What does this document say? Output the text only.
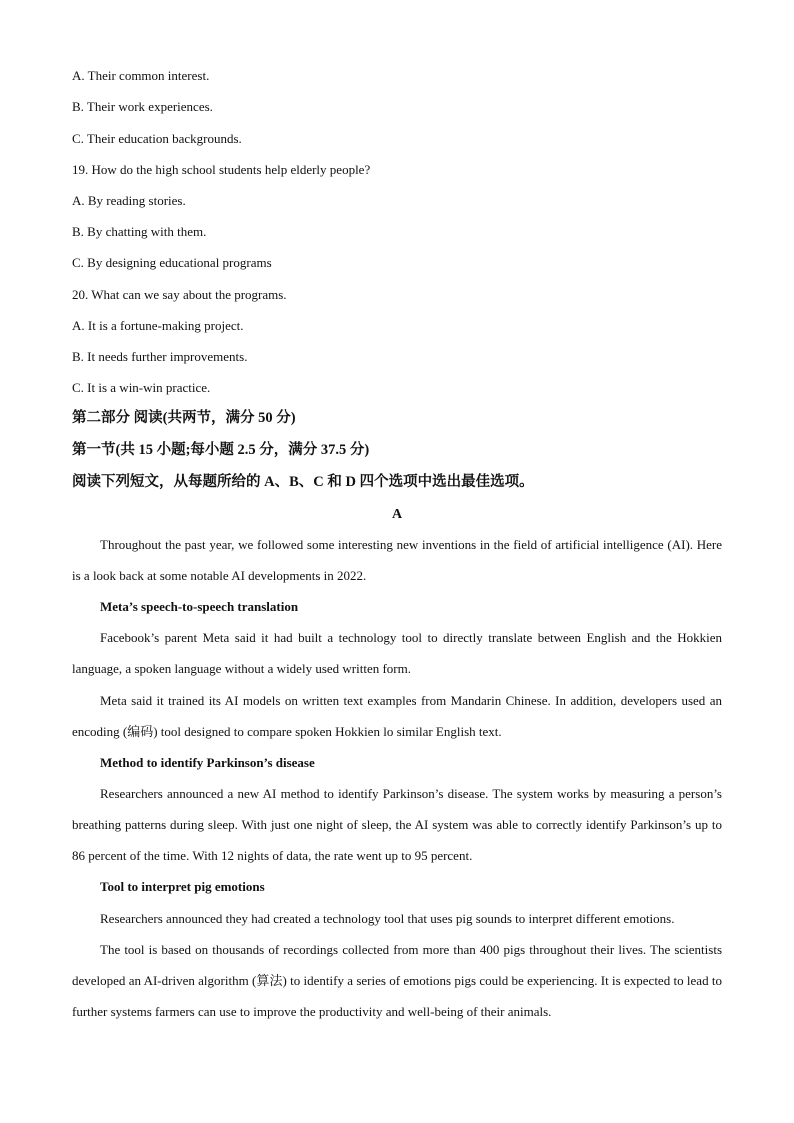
A. Their common interest.
B. Their work experiences.
C. Their education backgrounds.
19. How do the high school students help elderly people?
A. By reading stories.
B. By chatting with them.
C. By designing educational programs
20. What can we say about the programs.
A. It is a fortune-making project.
B. It needs further improvements.
C. It is a win-win practice.
第二部分 阅读(共两节，满分 50 分)
第一节(共 15 小题;每小题 2.5 分，满分 37.5 分)
阅读下列短文，从每题所给的 A、B、C 和 D 四个选项中选出最佳选项。
A
Throughout the past year, we followed some interesting new inventions in the field of artificial intelligence (AI). Here is a look back at some notable AI developments in 2022.
Meta’s speech-to-speech translation
Facebook’s parent Meta said it had built a technology tool to directly translate between English and the Hokkien language, a spoken language without a widely used written form.
Meta said it trained its AI models on written text examples from Mandarin Chinese. In addition, developers used an encoding (编码) tool designed to compare spoken Hokkien lo similar English text.
Method to identify Parkinson’s disease
Researchers announced a new AI method to identify Parkinson’s disease. The system works by measuring a person’s breathing patterns during sleep. With just one night of sleep, the AI system was able to correctly identify Parkinson’s up to 86 percent of the time. With 12 nights of data, the rate went up to 95 percent.
Tool to interpret pig emotions
Researchers announced they had created a technology tool that uses pig sounds to interpret different emotions.
The tool is based on thousands of recordings collected from more than 400 pigs throughout their lives. The scientists developed an AI-driven algorithm (算法) to identify a series of emotions pigs could be experiencing. It is expected to lead to further systems farmers can use to improve the productivity and well-being of their animals.
